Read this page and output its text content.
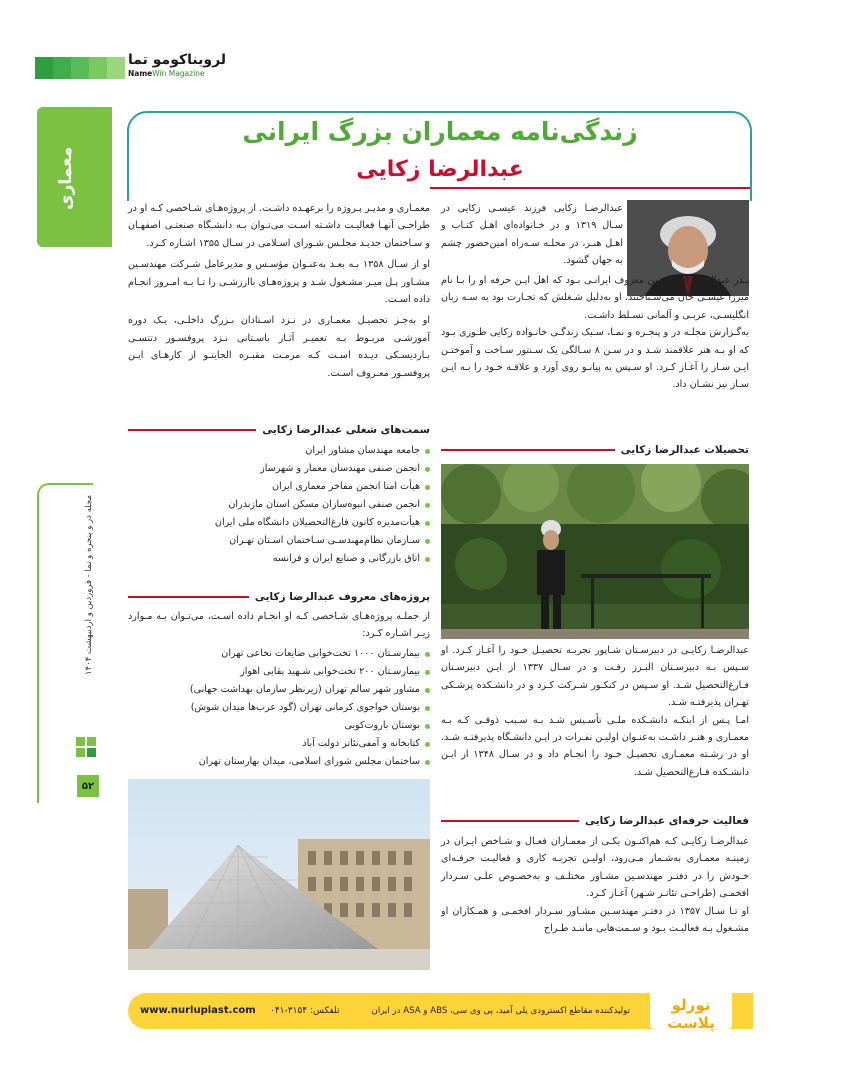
لرویناکومو تما
NameWin Magazine
معماری
مجله در و پنجره و نما - فروردین و اردیبهشت ۱۴۰۴
۵۲
زندگی‌نامه معماران بزرگ ایرانی
عبدالرضا زکایی

عبدالرضـا زکایی فرزند عیسـی زکایی در سـال ۱۳۱۹ و در خـانواده‌ای اهـل کتـاب و اهـل هنـر، در محلـه سـه‌راه امین‌حضور چشم به جهان گشود.

پـدر عبدالرضـا از تاجـرین معروف ایرانـی بـود که اهل ایـن حرفه او را بـا نام میرزا عیسـی خان می‌شـناختند. او به‌دلیل شـغلش که تجـارت بود به سـه زبان انگلیسـی، عربـی و آلمانی تسـلط داشـت.

به‌گـزارش مجلـه در و پنجـره و نمـا، سـبک زندگـی خانـواده زکایی طـوری بـود که او بـه هنر علاقمند شـد و در سـن ۸ سـالگی یک سـنتور سـاخت و آموختـن ایـن سـاز را آغـاز کـرد. او سـپس به پیانـو روی آورد و علاقـه خـود را بـه ایـن سـاز نیز نشـان داد.

معمـاری و مدیـر پـروژه را برعهـده داشـت. از پروژه‌هـای شـاخصی کـه او در طراحـی آنهـا فعالیـت داشـته اسـت می‌تـوان بـه دانشـگاه صنعتـی اصفهـان و سـاختمان جدیـد مجلـس شـورای اسـلامی در سـال ۱۳۵۵ اشـاره کـرد.

او از سـال ۱۳۵۸ بـه بعـد به‌عنـوان مؤسـس و مدیرعامل شـرکت مهندسـین مشـاور پـل میـر مشـغول شـد و پروژه‌هـای باارزشـی را تـا بـه امـروز انجـام داده اسـت.

او به‌جـز تحصیـل معمـاری در نـزد اسـتادان بـزرگ داخلـی، یـک دوره آموزشـی مربـوط بـه تعمیـر آثـار باسـتانی نـزد پروفسـور دتتسـی بـاردیسـکی دیـده اسـت کـه مرمـت مقبـره الجایتـو از کارهـای ایـن پروفسـور معـروف اسـت.

سمت‌های شغلی عبدالرضا زکایی
جامعه مهندسان مشاور ایران
انجمن صنفی مهندسان معمار و شهرساز
هیأت امنا انجمن مفاخر معماری ایران
انجمن صنفی انبوه‌سازان مسکن استان مازندران
هیأت‌مدیره کانون فارغ‌التحصیلان دانشگاه ملی ایران
سـازمان نظام‌مهندسـی سـاختمان اسـتان تهـران
اتاق بازرگانی و صنایع ایران و فرانسه
پروژه‌های معروف عبدالرضا زکایی
از جملـه پروژه‌هـای شـاخصی کـه او انجـام داده اسـت، می‌تـوان بـه مـوارد زیـر اشـاره کـرد:
بیمارسـتان ۱۰۰۰ تخت‌خوابی ضایعات نخاعی تهران
بیمارسـتان ۲۰۰ تخت‌خوابی شـهید بقایی اهواز
مشاور شهر سالم تهران (زیرنظر سازمان بهداشت جهانی)
بوستان خواجوی کرمانی تهران (گود عرب‌ها میدان شوش)
بوستان باروت‌کوبی
کتابخانه و آمفی‌تئاتر دولت آباد
ساختمان مجلس شورای اسلامی، میدان بهارستان تهران
تحصیلات عبدالرضا زکایی

عبدالرضـا زکایـی در دبیرسـتان شـاپور تجربـه تحصیـل خـود را آغـاز کـرد. او سـپس بـه دبیرسـتان البـرز رفـت و در سـال ۱۳۳۷ از ایـن دبیرسـتان فـارغ‌التحصیل شـد. او سـپس در کنکـور شـرکت کـرد و در دانشـکده پزشـکی تهـران پذیرفتـه شـد.

امـا پـس از اینکـه دانشـکده ملـی تأسـیس شـد بـه سـبب ذوقـی کـه بـه معمـاری و هنـر داشـت به‌عنـوان اولیـن نفـرات در ایـن دانشـگاه پذیرفتـه شـد. او در رشـته معمـاری تحصیـل خـود را انجـام داد و در سـال ۱۳۴۸ از ایـن دانشـکده فـارغ‌التحصیل شـد.

فعالیت حرفه‌ای عبدالرضا زکایی

عبدالرضـا زکایـی کـه هم‌اکنـون یکـی از معمـاران فعـال و شـاخص ایـران در زمینـه معمـاری به‌شـمار مـی‌رود، اولیـن تجربـه کاری و فعالیـت حرفـه‌ای خـودش را در دفتـر مهندسـین مشـاور مختلـف و به‌خصـوص علـی سـردار افخمـی (طراحـی تئاتـر شـهر) آغـاز کـرد.

او تـا سـال ۱۳۵۷ در دفتـر مهندسـین مشـاور سـردار افخمـی و همـکاران او مشـغول بـه فعالیـت بـود و سـمت‌هایی ماننـد طـراح

www.nurluplast.com تلفکس: ۳۱۵۴-۰۴۱	تولیدکننده مقاطع اکسترودی یلی آمید، پی وی سی، ABS و ASA در ایران	نورلو پلاست
